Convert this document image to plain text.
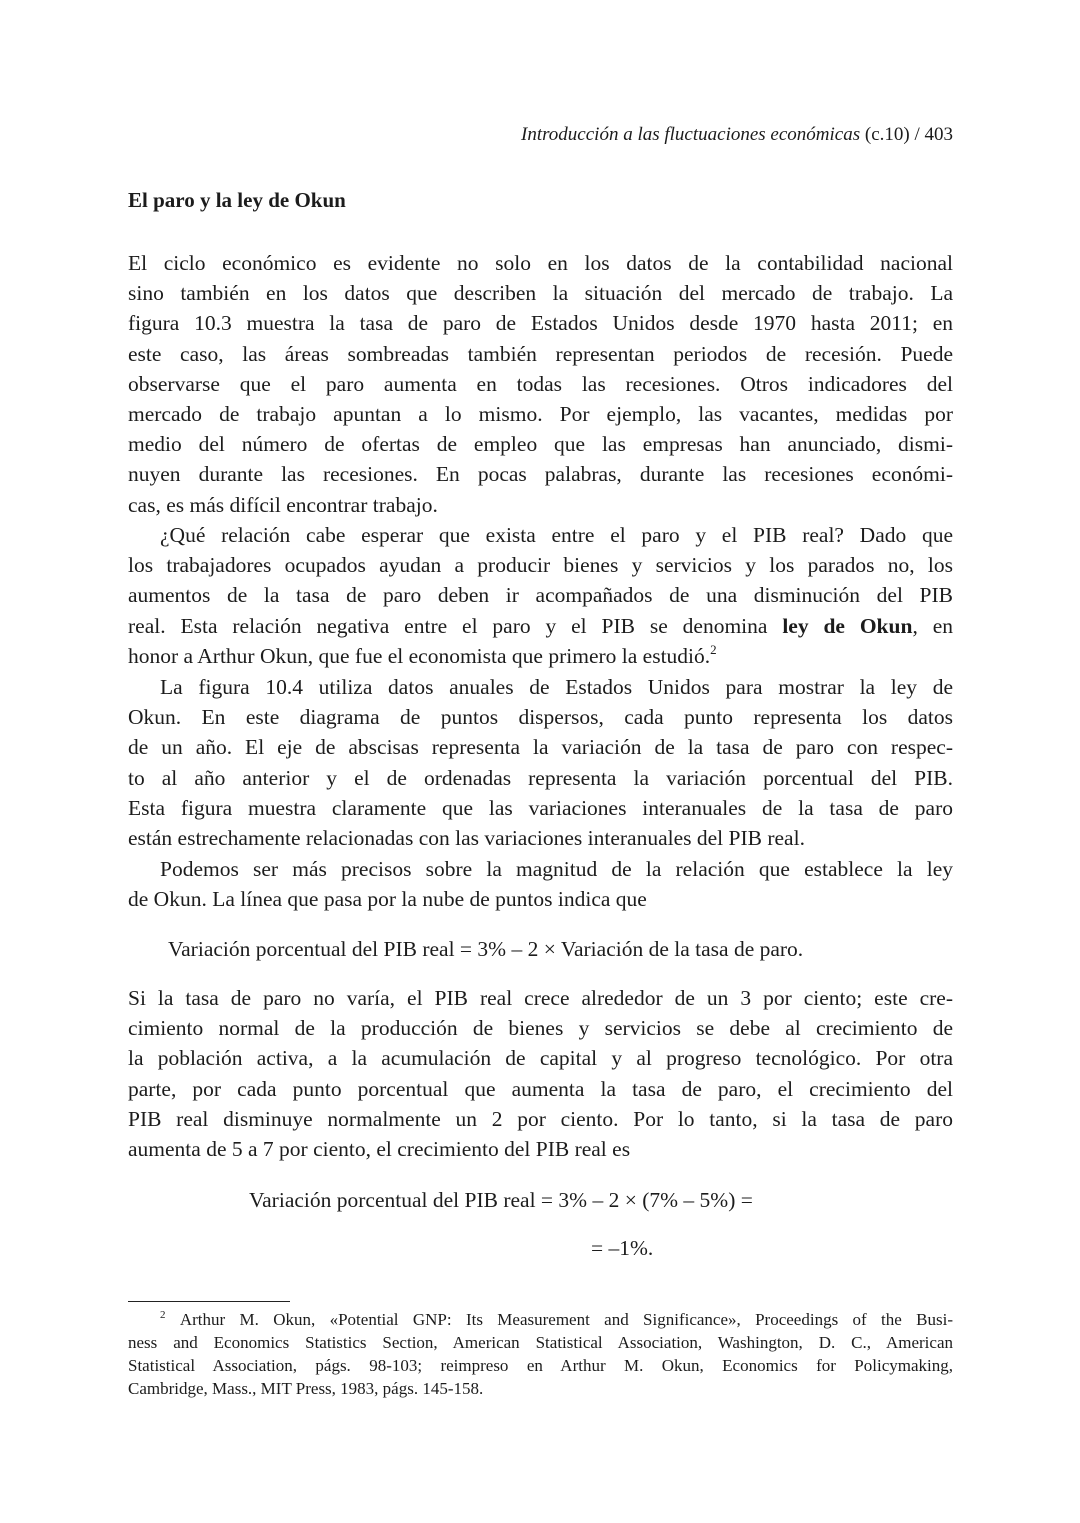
Introducción a las fluctuaciones económicas (c.10) / 403
El paro y la ley de Okun
El ciclo económico es evidente no solo en los datos de la contabilidad nacional
sino también en los datos que describen la situación del mercado de trabajo. La
figura 10.3 muestra la tasa de paro de Estados Unidos desde 1970 hasta 2011; en
este caso, las áreas sombreadas también representan periodos de recesión. Puede
observarse que el paro aumenta en todas las recesiones. Otros indicadores del
mercado de trabajo apuntan a lo mismo. Por ejemplo, las vacantes, medidas por
medio del número de ofertas de empleo que las empresas han anunciado, dismi-
nuyen durante las recesiones. En pocas palabras, durante las recesiones económi-
cas, es más difícil encontrar trabajo.
¿Qué relación cabe esperar que exista entre el paro y el PIB real? Dado que
los trabajadores ocupados ayudan a producir bienes y servicios y los parados no, los
aumentos de la tasa de paro deben ir acompañados de una disminución del PIB
real. Esta relación negativa entre el paro y el PIB se denomina ley de Okun, en
honor a Arthur Okun, que fue el economista que primero la estudió.$^2$
La figura 10.4 utiliza datos anuales de Estados Unidos para mostrar la ley de
Okun. En este diagrama de puntos dispersos, cada punto representa los datos
de un año. El eje de abscisas representa la variación de la tasa de paro con respec-
to al año anterior y el de ordenadas representa la variación porcentual del PIB.
Esta figura muestra claramente que las variaciones interanuales de la tasa de paro
están estrechamente relacionadas con las variaciones interanuales del PIB real.
Podemos ser más precisos sobre la magnitud de la relación que establece la ley
de Okun. La línea que pasa por la nube de puntos indica que
Variación porcentual del PIB real = 3% – 2 × Variación de la tasa de paro.
Si la tasa de paro no varía, el PIB real crece alrededor de un 3 por ciento; este cre-
cimiento normal de la producción de bienes y servicios se debe al crecimiento de
la población activa, a la acumulación de capital y al progreso tecnológico. Por otra
parte, por cada punto porcentual que aumenta la tasa de paro, el crecimiento del
PIB real disminuye normalmente un 2 por ciento. Por lo tanto, si la tasa de paro
aumenta de 5 a 7 por ciento, el crecimiento del PIB real es
Variación porcentual del PIB real = 3% – 2 × (7% – 5%) =
= –1%.
$^2$ Arthur M. Okun, «Potential GNP: Its Measurement and Significance», Proceedings of the Busi-
ness and Economics Statistics Section, American Statistical Association, Washington, D. C., American
Statistical Association, págs. 98-103; reimpreso en Arthur M. Okun, Economics for Policymaking,
Cambridge, Mass., MIT Press, 1983, págs. 145-158.
